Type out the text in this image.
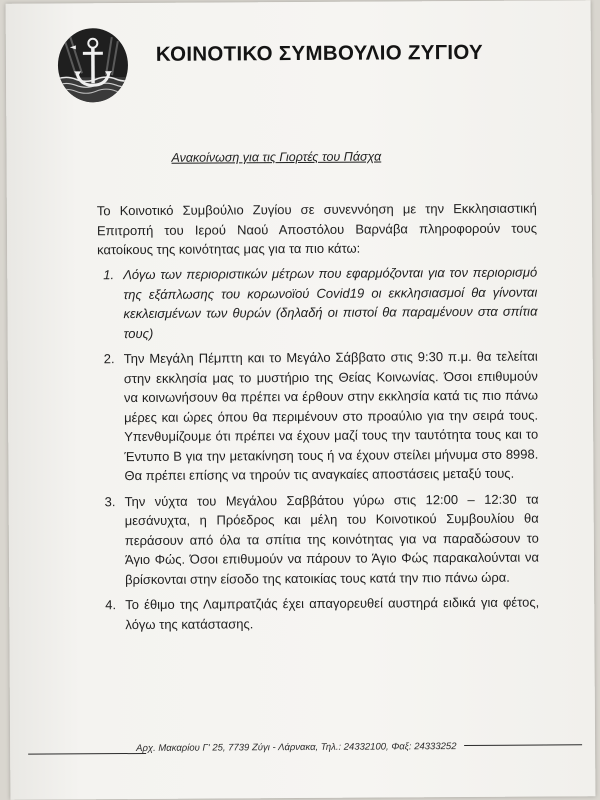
ΚΟΙΝΟΤΙΚΟ ΣΥΜΒΟΥΛΙΟ ΖΥΓΙΟΥ
Ανακοίνωση για τις Γιορτές του Πάσχα
Το Κοινοτικό Συμβούλιο Ζυγίου σε συνεννόηση με την Εκκλησιαστική Επιτροπή του Ιερού Ναού Αποστόλου Βαρνάβα πληροφορούν τους κατοίκους της κοινότητας μας για τα πιο κάτω:
1. Λόγω των περιοριστικών μέτρων που εφαρμόζονται για τον περιορισμό της εξάπλωσης του κορωνοϊού Covid19 οι εκκλησιασμοί θα γίνονται κεκλεισμένων των θυρών (δηλαδή οι πιστοί θα παραμένουν στα σπίτια τους)
2. Την Μεγάλη Πέμπτη και το Μεγάλο Σάββατο στις 9:30 π.μ. θα τελείται στην εκκλησία μας το μυστήριο της Θείας Κοινωνίας. Όσοι επιθυμούν να κοινωνήσουν θα πρέπει να έρθουν στην εκκλησία κατά τις πιο πάνω μέρες και ώρες όπου θα περιμένουν στο προαύλιο για την σειρά τους. Υπενθυμίζουμε ότι πρέπει να έχουν μαζί τους την ταυτότητα τους και το Έντυπο Β για την μετακίνηση τους ή να έχουν στείλει μήνυμα στο 8998. Θα πρέπει επίσης να τηρούν τις αναγκαίες αποστάσεις μεταξύ τους.
3. Την νύχτα του Μεγάλου Σαββάτου γύρω στις 12:00 – 12:30 τα μεσάνυχτα, η Πρόεδρος και μέλη του Κοινοτικού Συμβουλίου θα περάσουν από όλα τα σπίτια της κοινότητας για να παραδώσουν το Άγιο Φώς. Όσοι επιθυμούν να πάρουν το Άγιο Φώς παρακαλούνται να βρίσκονται στην είσοδο της κατοικίας τους κατά την πιο πάνω ώρα.
4. Το έθιμο της Λαμπρατζιάς έχει απαγορευθεί αυστηρά ειδικά για φέτος, λόγω της κατάστασης.
Αρχ. Μακαρίου Γ' 25, 7739 Ζύγι - Λάρνακα, Τηλ.: 24332100, Φαξ: 24333252
